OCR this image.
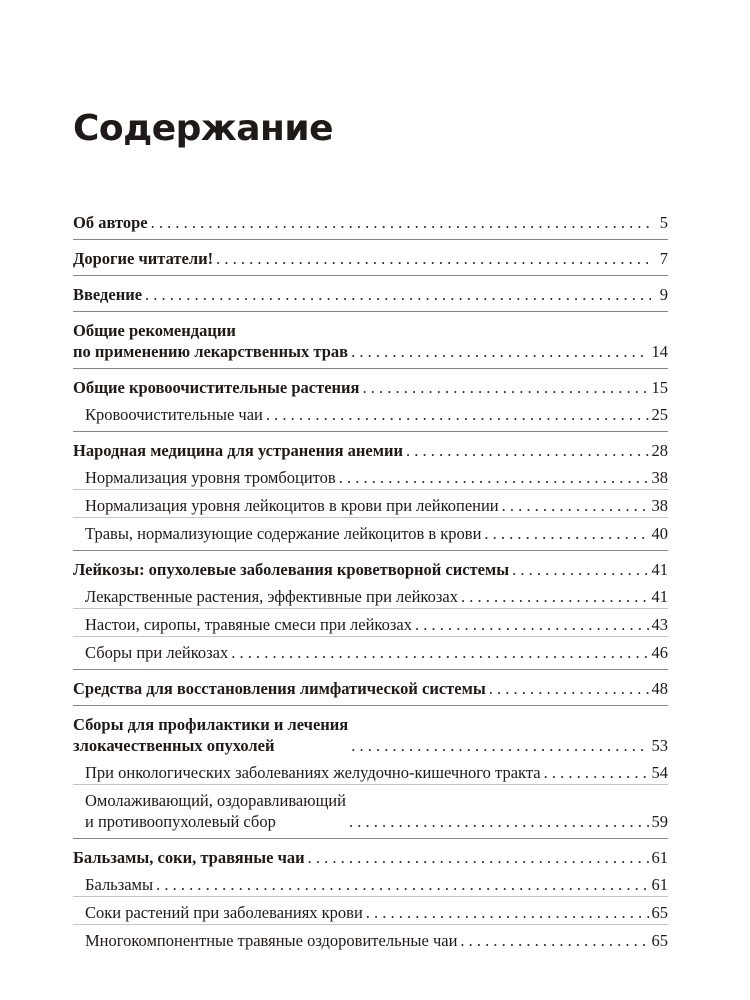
Содержание
Об авторе . . .	5
Дорогие читатели! . . .	7
Введение . . .	9
Общие рекомендации
по применению лекарственных трав . . .	14
Общие кровоочистительные растения . . .	15
Кровоочистительные чаи . . .	25
Народная медицина для устранения анемии . . .	28
Нормализация уровня тромбоцитов . . .	38
Нормализация уровня лейкоцитов в крови при лейкопении . . .	38
Травы, нормализующие содержание лейкоцитов в крови . . .	40
Лейкозы: опухолевые заболевания кроветворной системы . . .	41
Лекарственные растения, эффективные при лейкозах . . .	41
Настои, сиропы, травяные смеси при лейкозах . . .	43
Сборы при лейкозах . . .	46
Средства для восстановления лимфатической системы . . .	48
Сборы для профилактики и лечения
злокачественных опухолей . . .	53
При онкологических заболеваниях желудочно-кишечного тракта . . .	54
Омолаживающий, оздоравливающий
и противоопухолевый сбор . . .	59
Бальзамы, соки, травяные чаи . . .	61
Бальзамы . . .	61
Соки растений при заболеваниях крови . . .	65
Многокомпонентные травяные оздоровительные чаи . . .	65
